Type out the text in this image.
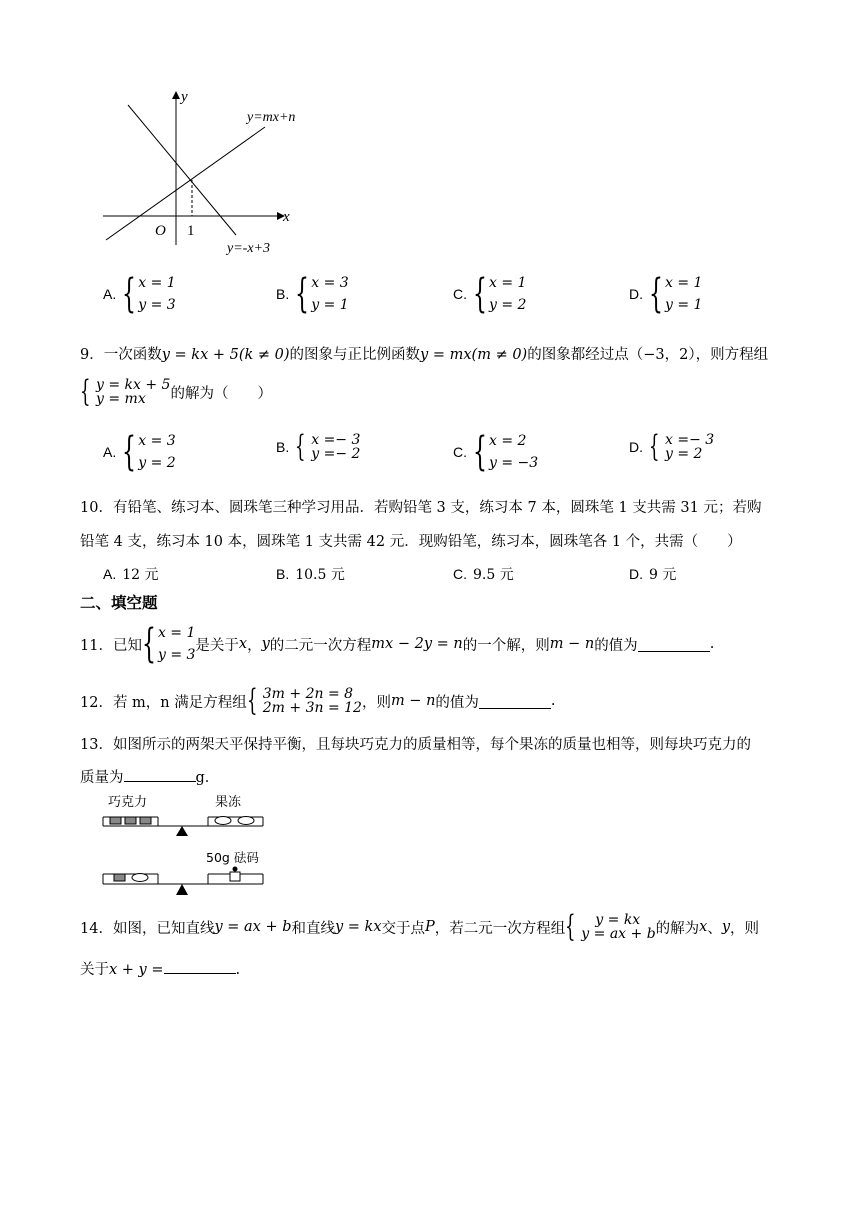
y
x
O 1
y=mx+n
y=-x+3
A. { x = 1
y = 3
B. { x = 3
y = 1
C. { x = 1
y = 2
D. { x = 1
y = 1
9．一次函数y = kx + 5(k ≠ 0)的图象与正比例函数y = mx(m ≠ 0)的图象都经过点（−3，2），则方程组
{ y = kx + 5
y = mx	的解为（　　）
A. { x = 3
y = 2
B. { x =− 3
y =− 2	C. { x = 2
y = −3
D. { x =− 3
y = 2
10．有铅笔、练习本、圆珠笔三种学习用品．若购铅笔 3 支，练习本 7 本，圆珠笔 1 支共需 31 元；若购
铅笔 4 支，练习本 10 本，圆珠笔 1 支共需 42 元．现购铅笔，练习本，圆珠笔各 1 个，共需（　　）
A. 12 元	B. 10.5 元	C. 9.5 元	D. 9 元
二、填空题
11．已知 { x = 1
y = 3
是关于 x ， y 的二元一次方程 mx − 2y = n 的一个解，则 m − n 的值为	.
12．若 m，n 满足方程组 { 3m + 2n = 8
2m + 3n = 12 ，则 m − n 的值为	.
13．如图所示的两架天平保持平衡，且每块巧克力的质量相等，每个果冻的质量也相等，则每块巧克力的
质量为	g．
巧克力	果冻
50g 砝码
14．如图，已知直线 y = ax + b 和直线 y = kx 交于点 P ，若二元一次方程组 {	y = kx
y = ax + b 的解为 x 、 y ，则
关于x + y =	.
